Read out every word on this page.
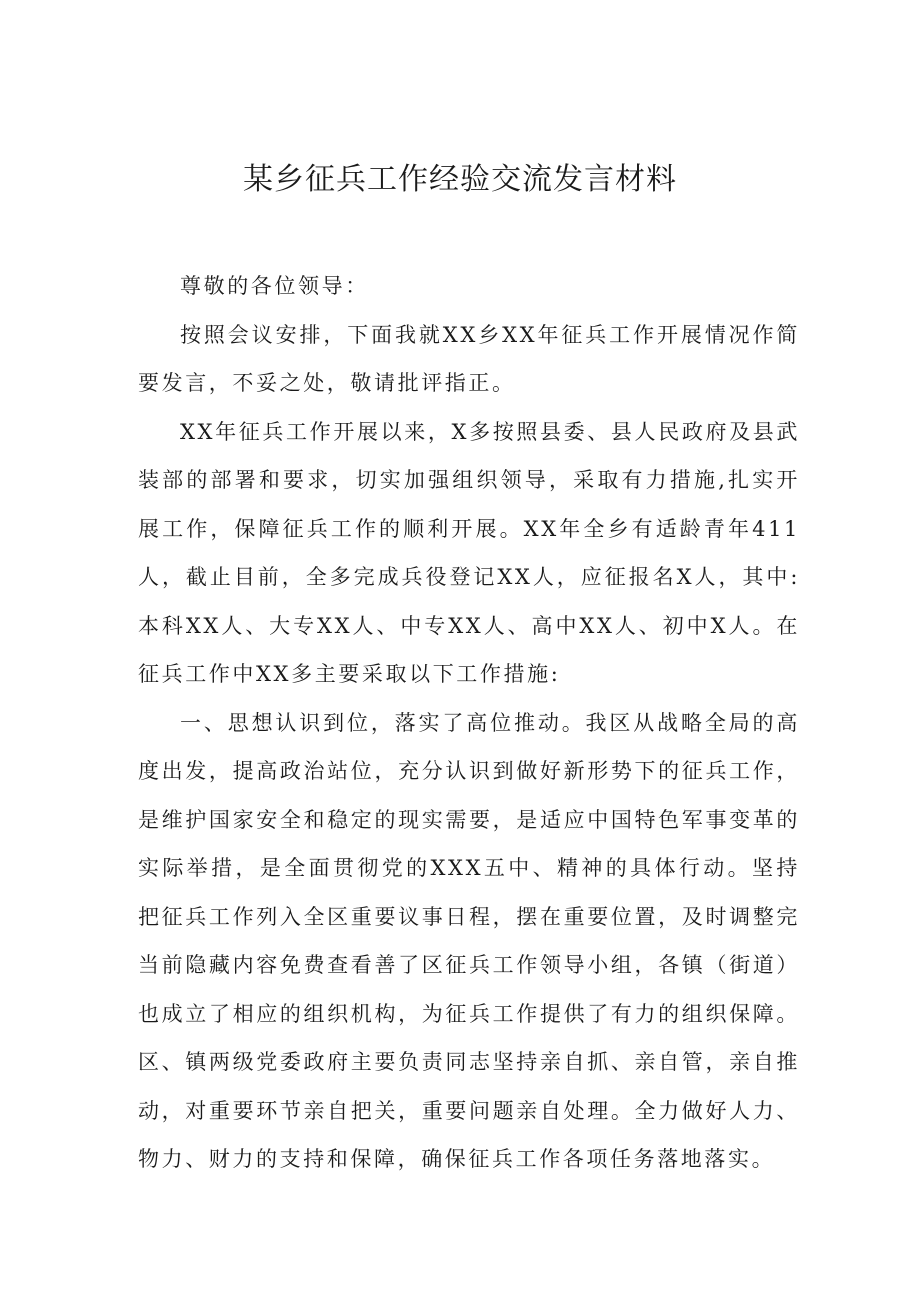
某乡征兵工作经验交流发言材料

尊敬的各位领导：

按照会议安排，下面我就XX乡XX年征兵工作开展情况作简要发言，不妥之处，敬请批评指正。

XX年征兵工作开展以来，X多按照县委、县人民政府及县武装部的部署和要求，切实加强组织领导，采取有力措施,扎实开展工作，保障征兵工作的顺利开展。XX年全乡有适龄青年411人，截止目前，全多完成兵役登记XX人，应征报名X人，其中:本科XX人、大专XX人、中专XX人、高中XX人、初中X人。在征兵工作中XX多主要采取以下工作措施:

一、思想认识到位，落实了高位推动。我区从战略全局的高度出发，提高政治站位，充分认识到做好新形势下的征兵工作，是维护国家安全和稳定的现实需要，是适应中国特色军事变革的实际举措，是全面贯彻党的XXX五中、精神的具体行动。坚持把征兵工作列入全区重要议事日程，摆在重要位置，及时调整完当前隐藏内容免费查看善了区征兵工作领导小组，各镇（街道）也成立了相应的组织机构，为征兵工作提供了有力的组织保障。区、镇两级党委政府主要负责同志坚持亲自抓、亲自管，亲自推动，对重要环节亲自把关，重要问题亲自处理。全力做好人力、物力、财力的支持和保障，确保征兵工作各项任务落地落实。
